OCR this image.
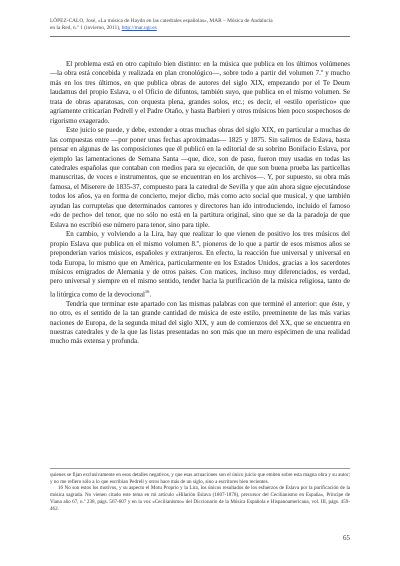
LÓPEZ-CALO, José, «La música de Haydn en las catedrales españolas», MAR – Música de Andalucía
en la Red, n.º 1 (invierno, 2011), http://mar.ugr.es

El problema está en otro capítulo bien distinto: en la música que publica en los últimos volúmenes —la obra está concebida y realizada en plan cronológico—, sobre todo a partir del volumen 7.º y mucho más en los tres últimos, en que publica obras de autores del siglo XIX, empezando por el Te Deum laudamus del propio Eslava, o el Oficio de difuntos, también suyo, que publica en el mismo volumen. Se trata de obras aparatosas, con orquesta plena, grandes solos, etc.; es decir, el «estilo operístico» que agriamente criticarían Pedrell y el Padre Otaño, y hasta Barbieri y otros músicos bien poco sospechosos de rigorismo exagerado.

Este juicio se puede, y debe, extender a otras muchas obras del siglo XIX, en particular a muchas de las compuestas entre —por poner unas fechas aproximadas— 1825 y 1875. Sin salirnos de Eslava, basta pensar en algunas de las composiciones que él publicó en la editorial de su sobrino Bonifacio Eslava, por ejemplo las lamentaciones de Semana Santa —que, dice, son de paso, fueron muy usadas en todas las catedrales españolas que contaban con medios para su ejecución, de que son buena prueba las particellas manuscritas, de voces e instrumentos, que se encuentran en los archivos—. Y, por supuesto, su obra más famosa, el Miserere de 1835-37, compuesto para la catedral de Sevilla y que aún ahora sigue ejecutándose todos los años, ya en forma de concierto, mejor dicho, más como acto social que musical, y que también ayudan las corruptelas que determinados cantores y directores han ido introduciendo, incluido el famoso «do de pecho» del tenor, que no sólo no está en la partitura original, sino que se da la paradoja de que Eslava no escribió ese número para tenor, sino para tiple.

En cambio, y volviendo a la Lira, hay que realizar lo que vienen de positivo los tres músicos del propio Eslava que publica en el mismo volumen 8.º, pioneros de lo que a partir de esos mismos años se preponderían varios músicos, españoles y extranjeros. En efecto, la reacción fue universal y universal en toda Europa, lo mismo que en América, particularmente en los Estados Unidos, gracias a los sacerdotes músicos emigrados de Alemania y de otros países. Con matices, incluso muy diferenciados, es verdad, pero universal y siempre en el mismo sentido, tender hacia la purificación de la música religiosa, tanto de la litúrgica como de la devocional$^{16}$.

Tendría que terminar este apartado con las mismas palabras con que terminé el anterior: que éste, y no otro, es el sentido de la tan grande cantidad de música de este estilo, preeminente de las más varias naciones de Europa, de la segunda mitad del siglo XIX, y aun de comienzos del XX, que se encuentra en nuestras catedrales y de la que las listas presentadas no son más que un mero espécimen de una realidad mucho más extensa y profunda.

quienes se fijan exclusivamente en esos detalles negativos, y que esas actuaciones son el único juicio que emiten sobre esta magna obra y su autor; y no me refiero sólo a lo que escribían Pedrell y otros hace más de un siglo, sino a escritores bien recientes.

16 No son estos los motivos, y su aspecto el Motu Proprio y la Lira, los únicos resultados de los esfuerzos de Eslava por la purificación de la música sagrada. No vienen citado este tema en mi artículo «Hilarión Eslava (1807-1878), precursor del Cecilianismo en España», Príncipe de Viana año 67, n.º 238, págs. 567-607 y en la voz «Cecilianismo» del Diccionario de la Música Española e Hispanoamericana, vol. III, págs. 459-462.

65
